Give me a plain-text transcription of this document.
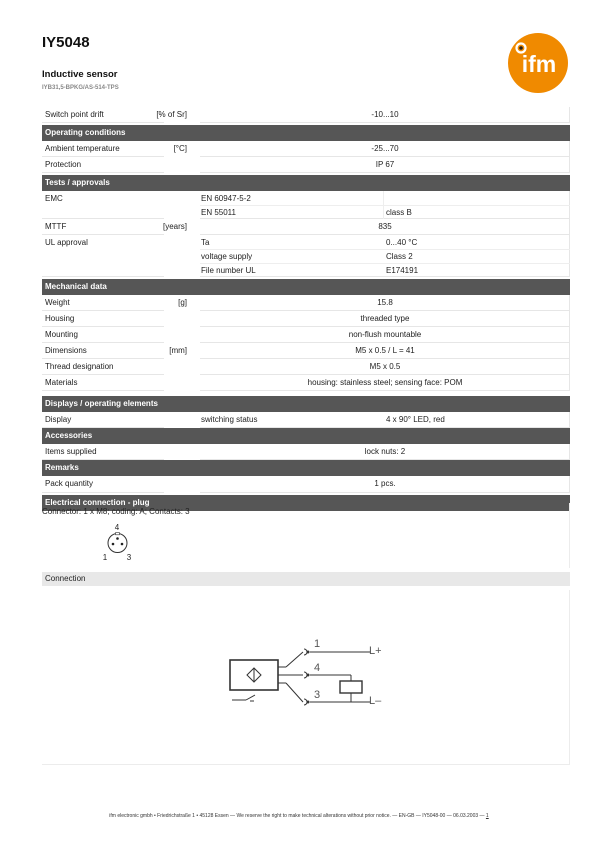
IY5048
Inductive sensor
IYB31,5-BPKG/AS-514-TPS
ifm
Switch point drift	[% of Sr]	-10...10
Operating conditions
Ambient temperature	[°C]	-25...70
Protection	IP 67
Tests / approvals
EMC	EN 60947-5-2
EN 55011	class B
MTTF	[years]	835
UL approval	Ta	0...40 °C
voltage supply	Class 2
File number UL	E174191
Mechanical data
Weight	[g]	15.8
Housing	threaded type
Mounting	non-flush mountable
Dimensions	[mm]	M5 x 0.5 / L = 41
Thread designation	M5 x 0.5
Materials	housing: stainless steel; sensing face: POM
Displays / operating elements
Display	switching status	4 x 90° LED, red
Accessories
Items supplied	lock nuts: 2
Remarks
Pack quantity	1 pcs.
Electrical connection - plug
Connector: 1 x M8; coding: A; Contacts: 3
4
1 3
Connection
1
4
3
L+
L–
ifm electronic gmbh • Friedrichstraße 1 • 45128 Essen — We reserve the right to make technical alterations without prior notice. — EN-GB — IY5048-00 — 06.03.2003 — 1
